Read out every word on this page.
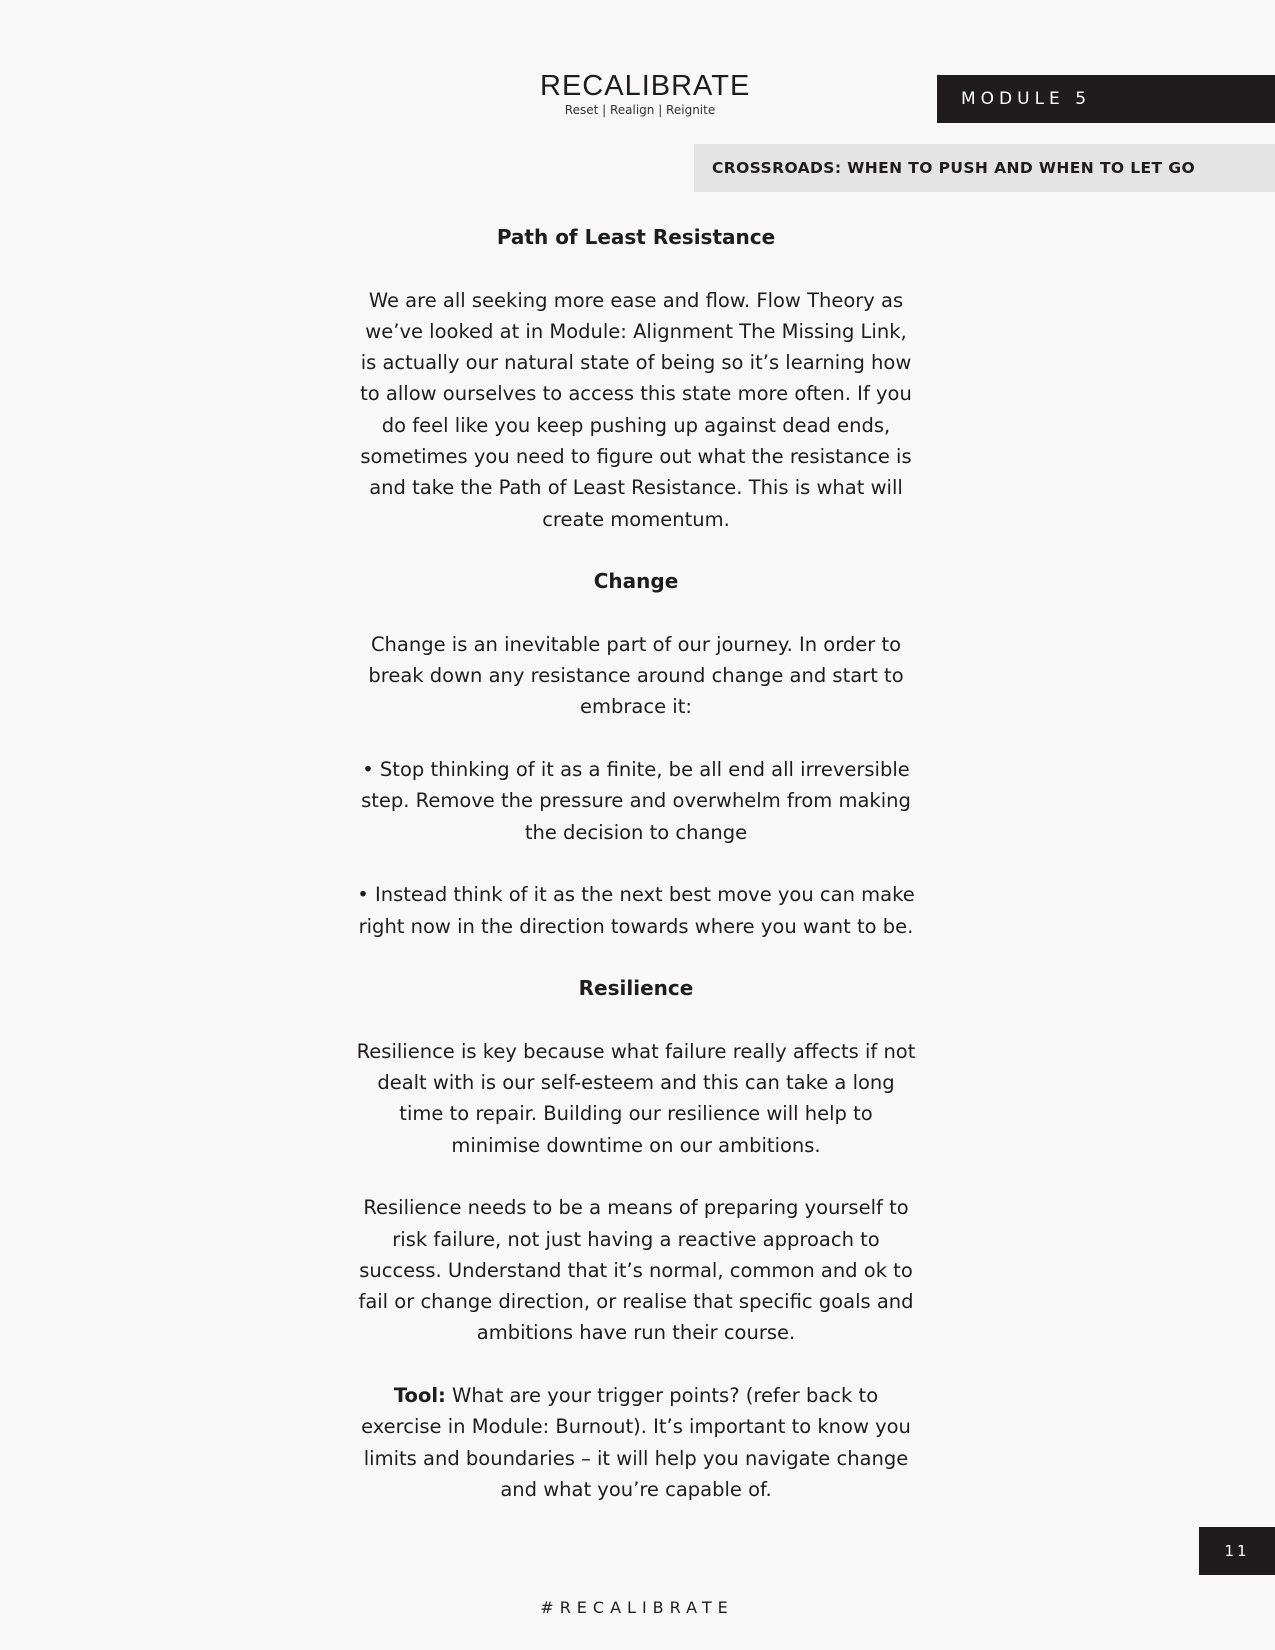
RECALIBRATE
Reset | Realign | Reignite
MODULE 5
CROSSROADS: WHEN TO PUSH AND WHEN TO LET GO
Path of Least Resistance

We are all seeking more ease and flow. Flow Theory as we’ve looked at in Module: Alignment The Missing Link, is actually our natural state of being so it’s learning how to allow ourselves to access this state more often. If you do feel like you keep pushing up against dead ends, sometimes you need to figure out what the resistance is and take the Path of Least Resistance. This is what will create momentum.

Change

Change is an inevitable part of our journey. In order to break down any resistance around change and start to embrace it:

• Stop thinking of it as a finite, be all end all irreversible step. Remove the pressure and overwhelm from making the decision to change

• Instead think of it as the next best move you can make right now in the direction towards where you want to be.

Resilience

Resilience is key because what failure really affects if not dealt with is our self-esteem and this can take a long time to repair. Building our resilience will help to minimise downtime on our ambitions.

Resilience needs to be a means of preparing yourself to risk failure, not just having a reactive approach to success. Understand that it’s normal, common and ok to fail or change direction, or realise that specific goals and ambitions have run their course.

Tool: What are your trigger points? (refer back to exercise in Module: Burnout). It’s important to know you limits and boundaries – it will help you navigate change and what you’re capable of.

11
#RECALIBRATE
